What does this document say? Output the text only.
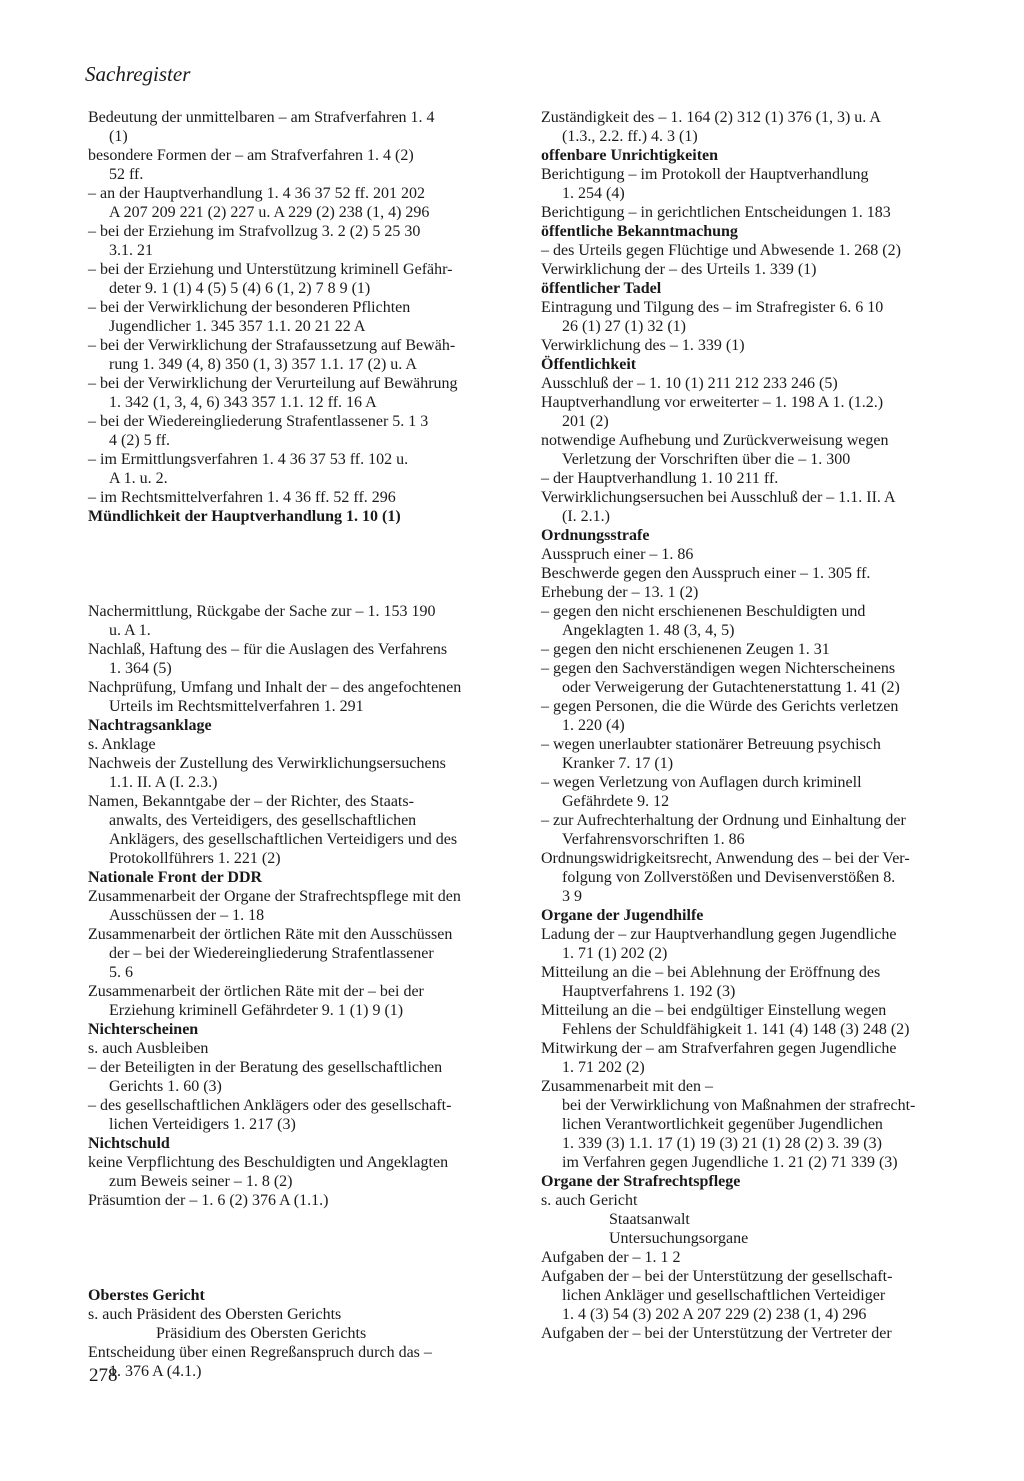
Sachregister
Bedeutung der unmittelbaren – am Strafverfahren 1. 4
(1)
besondere Formen der – am Strafverfahren 1. 4 (2)
52 ff.
– an der Hauptverhandlung 1. 4 36 37 52 ff. 201 202
A 207 209 221 (2) 227 u. A 229 (2) 238 (1, 4) 296
– bei der Erziehung im Strafvollzug 3. 2 (2) 5 25 30
3.1. 21
– bei der Erziehung und Unterstützung kriminell Gefähr-
deter 9. 1 (1) 4 (5) 5 (4) 6 (1, 2) 7 8 9 (1)
– bei der Verwirklichung der besonderen Pflichten
Jugendlicher 1. 345 357 1.1. 20 21 22 A
– bei der Verwirklichung der Strafaussetzung auf Bewäh-
rung 1. 349 (4, 8) 350 (1, 3) 357 1.1. 17 (2) u. A
– bei der Verwirklichung der Verurteilung auf Bewährung
1. 342 (1, 3, 4, 6) 343 357 1.1. 12 ff. 16 A
– bei der Wiedereingliederung Strafentlassener 5. 1 3
4 (2) 5 ff.
– im Ermittlungsverfahren 1. 4 36 37 53 ff. 102 u.
A 1. u. 2.
– im Rechtsmittelverfahren 1. 4 36 ff. 52 ff. 296
Mündlichkeit der Hauptverhandlung 1. 10 (1)
Nachermittlung, Rückgabe der Sache zur – 1. 153 190
u. A 1.
Nachlaß, Haftung des – für die Auslagen des Verfahrens
1. 364 (5)
Nachprüfung, Umfang und Inhalt der – des angefochtenen
Urteils im Rechtsmittelverfahren 1. 291
Nachtragsanklage
s. Anklage
Nachweis der Zustellung des Verwirklichungsersuchens
1.1. II. A (I. 2.3.)
Namen, Bekanntgabe der – der Richter, des Staats-
anwalts, des Verteidigers, des gesellschaftlichen
Anklägers, des gesellschaftlichen Verteidigers und des
Protokollführers 1. 221 (2)
Nationale Front der DDR
Zusammenarbeit der Organe der Strafrechtspflege mit den
Ausschüssen der – 1. 18
Zusammenarbeit der örtlichen Räte mit den Ausschüssen
der – bei der Wiedereingliederung Strafentlassener
5. 6
Zusammenarbeit der örtlichen Räte mit der – bei der
Erziehung kriminell Gefährdeter 9. 1 (1) 9 (1)
Nichterscheinen
s. auch Ausbleiben
– der Beteiligten in der Beratung des gesellschaftlichen
Gerichts 1. 60 (3)
– des gesellschaftlichen Anklägers oder des gesellschaft-
lichen Verteidigers 1. 217 (3)
Nichtschuld
keine Verpflichtung des Beschuldigten und Angeklagten
zum Beweis seiner – 1. 8 (2)
Präsumtion der – 1. 6 (2) 376 A (1.1.)
Oberstes Gericht
s. auch Präsident des Obersten Gerichts
Präsidium des Obersten Gerichts
Entscheidung über einen Regreßanspruch durch das –
1. 376 A (4.1.)
Zuständigkeit des – 1. 164 (2) 312 (1) 376 (1, 3) u. A
(1.3., 2.2. ff.) 4. 3 (1)
offenbare Unrichtigkeiten
Berichtigung – im Protokoll der Hauptverhandlung
1. 254 (4)
Berichtigung – in gerichtlichen Entscheidungen 1. 183
öffentliche Bekanntmachung
– des Urteils gegen Flüchtige und Abwesende 1. 268 (2)
Verwirklichung der – des Urteils 1. 339 (1)
öffentlicher Tadel
Eintragung und Tilgung des – im Strafregister 6. 6 10
26 (1) 27 (1) 32 (1)
Verwirklichung des – 1. 339 (1)
Öffentlichkeit
Ausschluß der – 1. 10 (1) 211 212 233 246 (5)
Hauptverhandlung vor erweiterter – 1. 198 A 1. (1.2.)
201 (2)
notwendige Aufhebung und Zurückverweisung wegen
Verletzung der Vorschriften über die – 1. 300
– der Hauptverhandlung 1. 10 211 ff.
Verwirklichungsersuchen bei Ausschluß der – 1.1. II. A
(I. 2.1.)
Ordnungsstrafe
Ausspruch einer – 1. 86
Beschwerde gegen den Ausspruch einer – 1. 305 ff.
Erhebung der – 13. 1 (2)
– gegen den nicht erschienenen Beschuldigten und
Angeklagten 1. 48 (3, 4, 5)
– gegen den nicht erschienenen Zeugen 1. 31
– gegen den Sachverständigen wegen Nichterscheinens
oder Verweigerung der Gutachtenerstattung 1. 41 (2)
– gegen Personen, die die Würde des Gerichts verletzen
1. 220 (4)
– wegen unerlaubter stationärer Betreuung psychisch
Kranker 7. 17 (1)
– wegen Verletzung von Auflagen durch kriminell
Gefährdete 9. 12
– zur Aufrechterhaltung der Ordnung und Einhaltung der
Verfahrensvorschriften 1. 86
Ordnungswidrigkeitsrecht, Anwendung des – bei der Ver-
folgung von Zollverstößen und Devisenverstößen 8.
3 9
Organe der Jugendhilfe
Ladung der – zur Hauptverhandlung gegen Jugendliche
1. 71 (1) 202 (2)
Mitteilung an die – bei Ablehnung der Eröffnung des
Hauptverfahrens 1. 192 (3)
Mitteilung an die – bei endgültiger Einstellung wegen
Fehlens der Schuldfähigkeit 1. 141 (4) 148 (3) 248 (2)
Mitwirkung der – am Strafverfahren gegen Jugendliche
1. 71 202 (2)
Zusammenarbeit mit den –
bei der Verwirklichung von Maßnahmen der strafrecht-
lichen Verantwortlichkeit gegenüber Jugendlichen
1. 339 (3) 1.1. 17 (1) 19 (3) 21 (1) 28 (2) 3. 39 (3)
im Verfahren gegen Jugendliche 1. 21 (2) 71 339 (3)
Organe der Strafrechtspflege
s. auch Gericht
Staatsanwalt
Untersuchungsorgane
Aufgaben der – 1. 1 2
Aufgaben der – bei der Unterstützung der gesellschaft-
lichen Ankläger und gesellschaftlichen Verteidiger
1. 4 (3) 54 (3) 202 A 207 229 (2) 238 (1, 4) 296
Aufgaben der – bei der Unterstützung der Vertreter der
278
